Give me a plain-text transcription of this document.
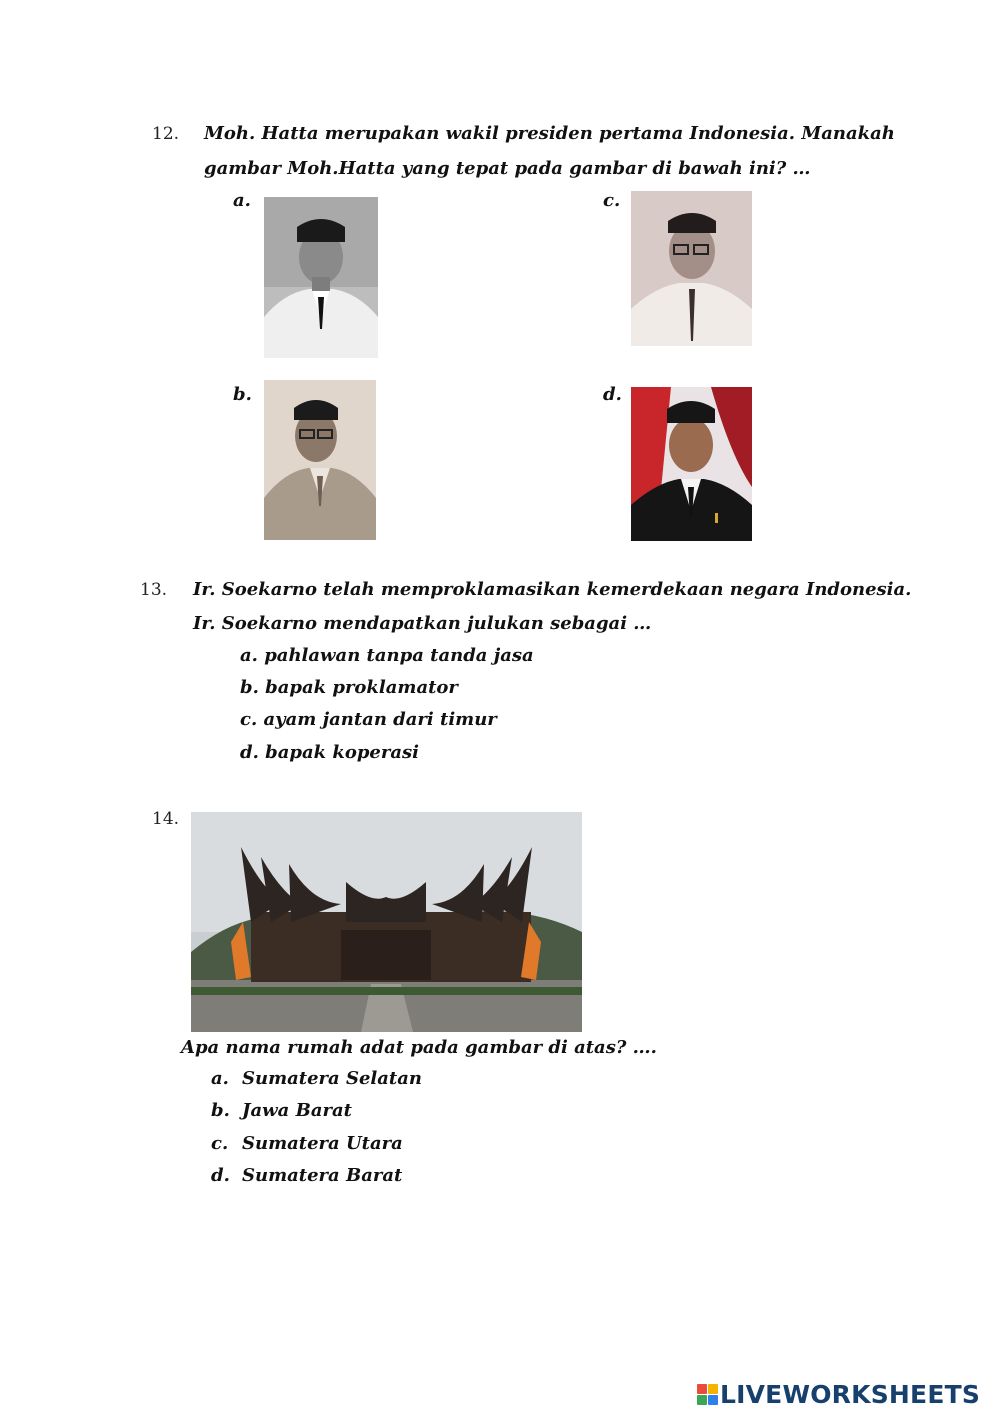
12. Moh. Hatta merupakan wakil presiden pertama Indonesia. Manakah
gambar Moh.Hatta yang tepat pada gambar di bawah ini? …
a.
b.
c.
d.
13. Ir. Soekarno telah memproklamasikan kemerdekaan negara Indonesia.
Ir. Soekarno mendapatkan julukan sebagai …
a. pahlawan tanpa tanda jasa
b. bapak proklamator
c. ayam jantan dari timur
d. bapak koperasi
14.
Apa nama rumah adat pada gambar di atas? ….
a. Sumatera Selatan
b. Jawa Barat
c. Sumatera Utara
d. Sumatera Barat
LIVEWORKSHEETS
